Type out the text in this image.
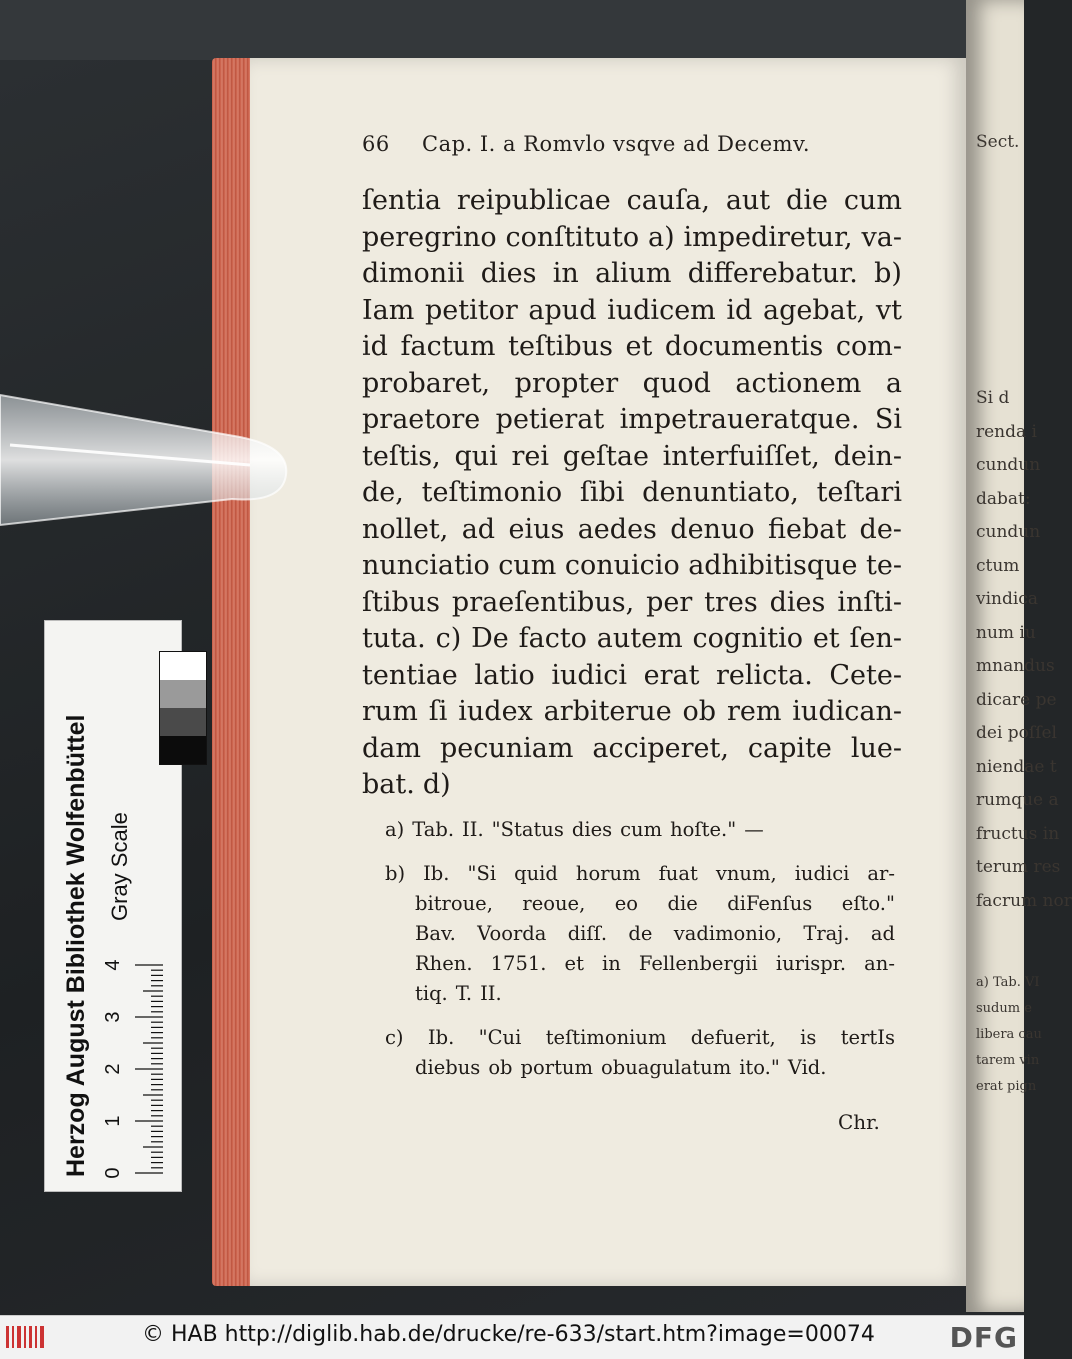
Sect.
Si d
renda i
cundun
dabat:
cundun
ctum
vindica
num iu
mnandus
dicare pe
dei poſſel
niendae t
rumque a
fructus in
terum res
facrum nor
a) Tab. VI
sudum e
libera cau
tarem vin
erat pign
66 Cap. I. a Romvlo vsqve ad Decemv.
ſentia reipublicae cauſa, aut die cum
peregrino conſtituto a) impediretur, va-
dimonii dies in alium differebatur. b)
Iam petitor apud iudicem id agebat, vt
id factum teſtibus et documentis com-
probaret, propter quod actionem a
praetore petierat impetraueratque. Si
teſtis, qui rei geſtae interfuiſſet, dein-
de, teſtimonio ſibi denuntiato, teſtari
nollet, ad eius aedes denuo fiebat de-
nunciatio cum conuicio adhibitisque te-
ſtibus praeſentibus, per tres dies inſti-
tuta. c) De facto autem cognitio et ſen-
tentiae latio iudici erat relicta. Cete-
rum ſi iudex arbiterue ob rem iudican-
dam pecuniam acciperet, capite lue-
bat. d)
a) Tab. II. "Status dies cum hoſte." —
b) Ib. "Si quid horum fuat vnum, iudici ar-
bitroue, reoue, eo die diFenſus eſto."
Bav. Voorda diſſ. de vadimonio, Traj. ad
Rhen. 1751. et in Fellenbergii iurispr. an-
tiq. T. II.
c) Ib. "Cui teſtimonium defuerit, is tertIs
diebus ob portum obuagulatum ito." Vid.
Chr.
Herzog August Bibliothek Wolfenbüttel Gray Scale
0
1
2
3
4
© HAB http://diglib.hab.de/drucke/re-633/start.htm?image=00074	DFG
